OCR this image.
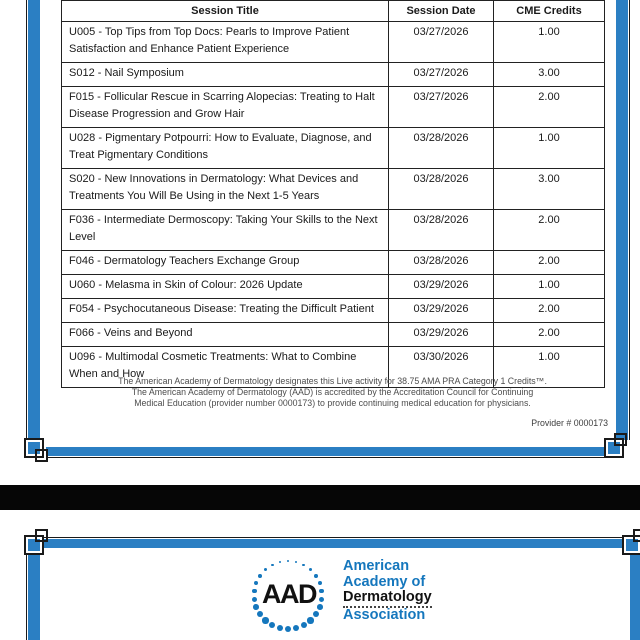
Session Title	Session Date	CME Credits
U005 - Top Tips from Top Docs: Pearls to Improve Patient Satisfaction and Enhance Patient Experience	03/27/2026	1.00
S012 - Nail Symposium	03/27/2026	3.00
F015 - Follicular Rescue in Scarring Alopecias: Treating to Halt Disease Progression and Grow Hair	03/27/2026	2.00
U028 - Pigmentary Potpourri: How to Evaluate, Diagnose, and Treat Pigmentary Conditions	03/28/2026	1.00
S020 - New Innovations in Dermatology: What Devices and Treatments You Will Be Using in the Next 1-5 Years	03/28/2026	3.00
F036 - Intermediate Dermoscopy: Taking Your Skills to the Next Level	03/28/2026	2.00
F046 - Dermatology Teachers Exchange Group	03/28/2026	2.00
U060 - Melasma in Skin of Colour: 2026 Update	03/29/2026	1.00
F054 - Psychocutaneous Disease: Treating the Difficult Patient	03/29/2026	2.00
F066 - Veins and Beyond	03/29/2026	2.00
U096 - Multimodal Cosmetic Treatments: What to Combine When and How	03/30/2026	1.00
The American Academy of Dermatology designates this Live activity for 38.75 AMA PRA Category 1 Credits™.
The American Academy of Dermatology (AAD) is accredited by the Accreditation Council for Continuing
Medical Education (provider number 0000173) to provide continuing medical education for physicians.
Provider # 0000173
AAD
American
Academy of
Dermatology
Association
